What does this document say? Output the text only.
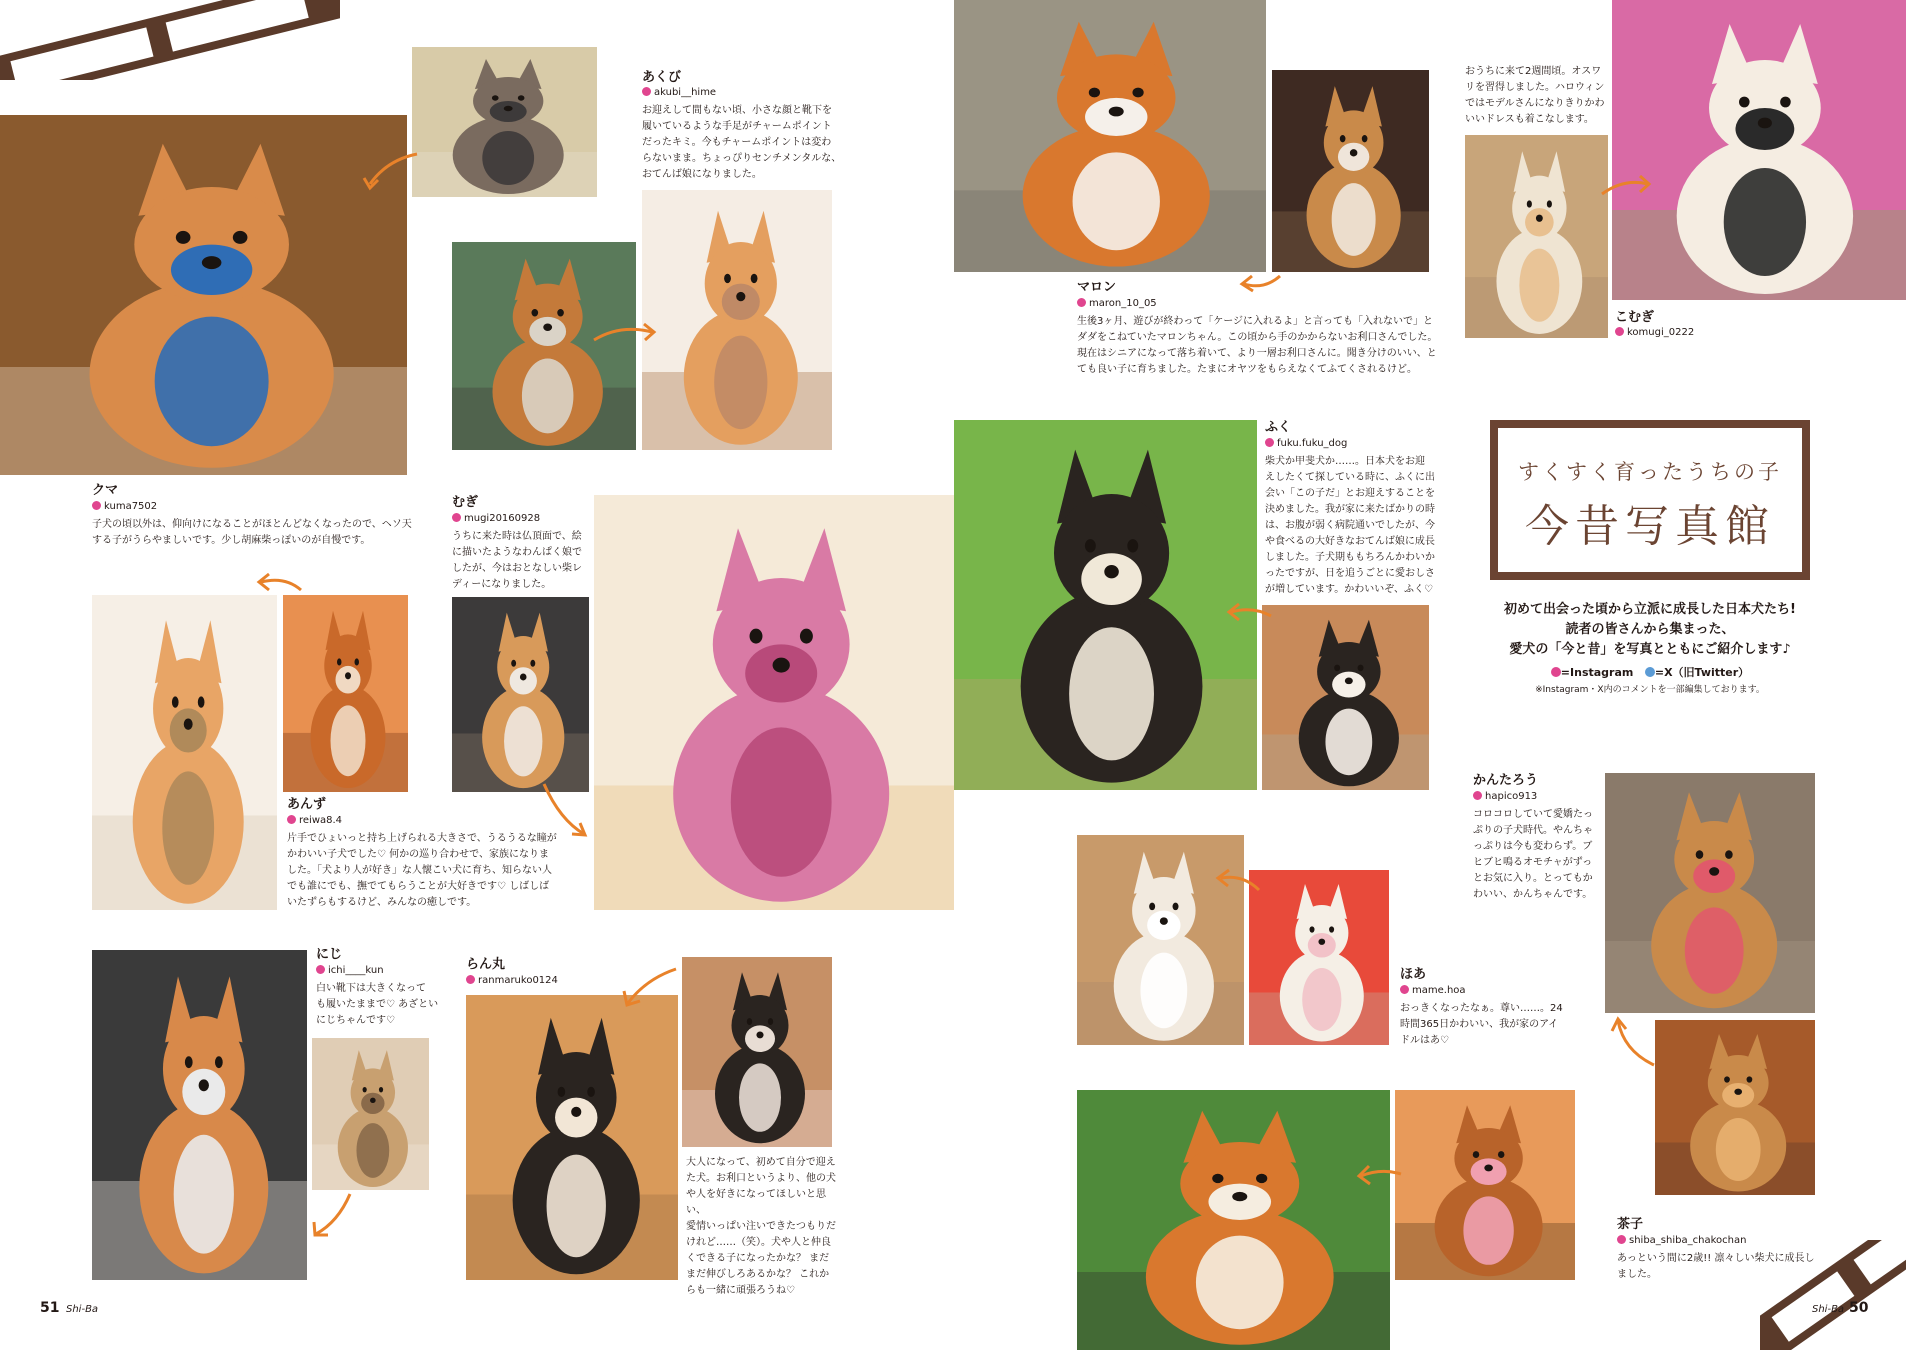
すくすく育ったうちの子
今昔写真館
初めて出会った頃から立派に成長した日本犬たち!
読者の皆さんから集まった、
愛犬の「今と昔」を写真とともにご紹介します♪
=Instagram =X（旧Twitter）
※Instagram・X内のコメントを一部編集しております。
クマ
kuma7502
子犬の頃以外は、仰向けになることがほとんどなくなったので、ヘソ天
する子がうらやましいです。少し胡麻柴っぽいのが自慢です。
あくび
akubi__hime
お迎えして間もない頃、小さな顔と靴下を
履いているような手足がチャームポイント
だったキミ。今もチャームポイントは変わ
らないまま。ちょっぴりセンチメンタルな、
おてんば娘になりました。
むぎ
mugi20160928
うちに来た時は仏頂面で、絵
に描いたようなわんぱく娘で
したが、今はおとなしい柴レ
ディーになりました。
あんず
reiwa8.4
片手でひょいっと持ち上げられる大きさで、うるうるな瞳が
かわいい子犬でした♡ 何かの巡り合わせで、家族になりま
した。「犬より人が好き」な人懐こい犬に育ち、知らない人
でも誰にでも、撫でてもらうことが大好きです♡ しばしば
いたずらもするけど、みんなの癒しです。
にじ
ichi____kun
白い靴下は大きくなって
も履いたままで♡ あざとい
にじちゃんです♡
らん丸
ranmaruko0124
大人になって、初めて自分で迎え
た犬。お利口というより、他の犬
や人を好きになってほしいと思い、
愛情いっぱい注いできたつもりだ
けれど……（笑）。犬や人と仲良
くできる子になったかな？ まだ
まだ伸びしろあるかな？ これか
らも一緒に頑張ろうね♡
マロン
maron_10_05
生後3ヶ月、遊びが終わって「ケージに入れるよ」と言っても「入れないで」と
ダダをこねていたマロンちゃん。この頃から手のかからないお利口さんでした。
現在はシニアになって落ち着いて、より一層お利口さんに。聞き分けのいい、と
ても良い子に育ちました。たまにオヤツをもらえなくてふてくされるけど。
おうちに来て2週間頃。オスワ
リを習得しました。ハロウィン
ではモデルさんになりきりかわ
いいドレスも着こなします。
こむぎ
komugi_0222
ふく
fuku.fuku_dog
柴犬か甲斐犬か……。日本犬をお迎
えしたくて探している時に、ふくに出
会い「この子だ」とお迎えすることを
決めました。我が家に来たばかりの時
は、お腹が弱く病院通いでしたが、今
や食べるの大好きなおてんば娘に成長
しました。子犬期ももちろんかわいか
ったですが、日を追うごとに愛おしさ
が増しています。かわいいぞ、ふく♡
かんたろう
hapico913
コロコロしていて愛嬌たっ
ぷりの子犬時代。やんちゃ
っぷりは今も変わらず。ブ
ヒブヒ鳴るオモチャがずっ
とお気に入り。とってもか
わいい、かんちゃんです。
ほあ
mame.hoa
おっきくなったなぁ。尊い……。24
時間365日かわいい、我が家のアイ
ドルはあ♡
茶子
shiba_shiba_chakochan
あっという間に2歳!! 凛々しい柴犬に成長し
ました。
51 Shi-Ba	Shi-Ba 50
